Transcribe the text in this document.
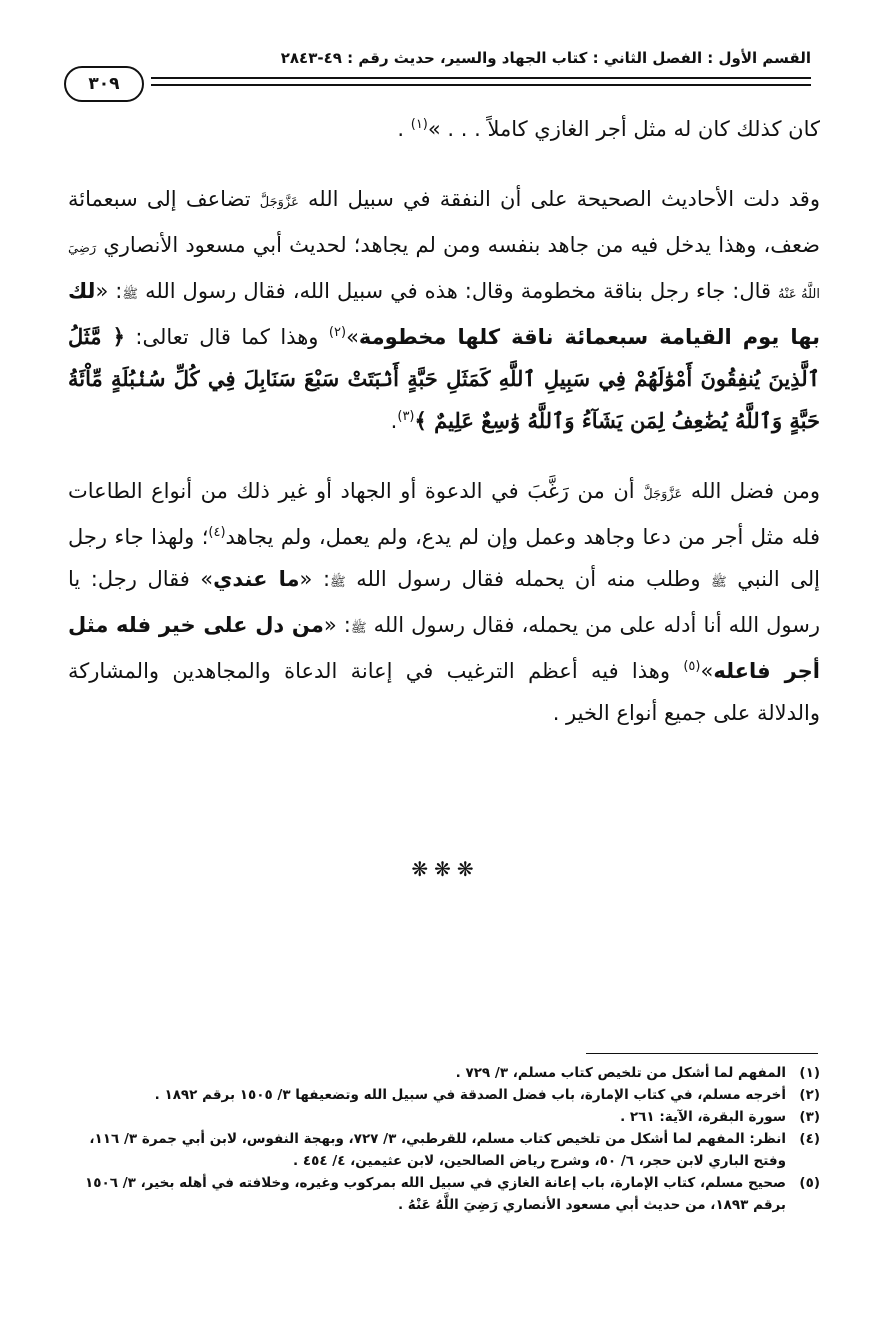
القسم الأول : الفصل الثاني : كتاب الجهاد والسير، حديث رقم : ٤٩-٢٨٤٣
٣٠٩

كان كذلك كان له مثل أجر الغازي كاملاً . . . »$^{(١)}$ .

وقد دلت الأحاديث الصحيحة على أن النفقة في سبيل الله عَزَّوَجَلَّ تضاعف إلى سبعمائة ضعف، وهذا يدخل فيه من جاهد بنفسه ومن لم يجاهد؛ لحديث أبي مسعود الأنصاري رَضِيَ اللَّهُ عَنْهُ قال: جاء رجل بناقة مخطومة وقال: هذه في سبيل الله، فقال رسول الله ﷺ: «لك بها يوم القيامة سبعمائة ناقة كلها مخطومة»$^{(٢)}$ وهذا كما قال تعالى: ﴿ مَّثَلُ ٱلَّذِينَ يُنفِقُونَ أَمْوَٰلَهُمْ فِي سَبِيلِ ٱللَّهِ كَمَثَلِ حَبَّةٍ أَنۢبَتَتْ سَبْعَ سَنَابِلَ فِي كُلِّ سُنۢبُلَةٍ مِّاْئَةُ حَبَّةٍ وَٱللَّهُ يُضَٰعِفُ لِمَن يَشَآءُ وَٱللَّهُ وَٰسِعٌ عَلِيمٌ ﴾$^{(٣)}$.

ومن فضل الله عَزَّوَجَلَّ أن من رَغَّبَ في الدعوة أو الجهاد أو غير ذلك من أنواع الطاعات فله مثل أجر من دعا وجاهد وعمل وإن لم يدع، ولم يعمل، ولم يجاهد$^{(٤)}$؛ ولهذا جاء رجل إلى النبي ﷺ وطلب منه أن يحمله فقال رسول الله ﷺ: «ما عندي» فقال رجل: يا رسول الله أنا أدله على من يحمله، فقال رسول الله ﷺ: «من دل على خير فله مثل أجر فاعله»$^{(٥)}$ وهذا فيه أعظم الترغيب في إعانة الدعاة والمجاهدين والمشاركة والدلالة على جميع أنواع الخير .

❋❋❋
(١)
المفهم لما أشكل من تلخيص كتاب مسلم، ٣/ ٧٢٩ .
(٢)
أخرجه مسلم، في كتاب الإمارة، باب فضل الصدقة في سبيل الله وتضعيفها ٣/ ١٥٠٥ برقم ١٨٩٢ .
(٣)
سورة البقرة، الآية: ٢٦١ .
(٤)
انظر: المفهم لما أشكل من تلخيص كتاب مسلم، للقرطبي، ٣/ ٧٢٧، وبهجة النفوس، لابن أبي جمرة ٣/ ١١٦، وفتح الباري لابن حجر، ٦/ ٥٠، وشرح رياض الصالحين، لابن عثيمين، ٤/ ٤٥٤ .
(٥)
صحيح مسلم، كتاب الإمارة، باب إعانة الغازي في سبيل الله بمركوب وغيره، وخلافته في أهله بخير، ٣/ ١٥٠٦ برقم ١٨٩٣، من حديث أبي مسعود الأنصاري رَضِيَ اللَّهُ عَنْهُ .
